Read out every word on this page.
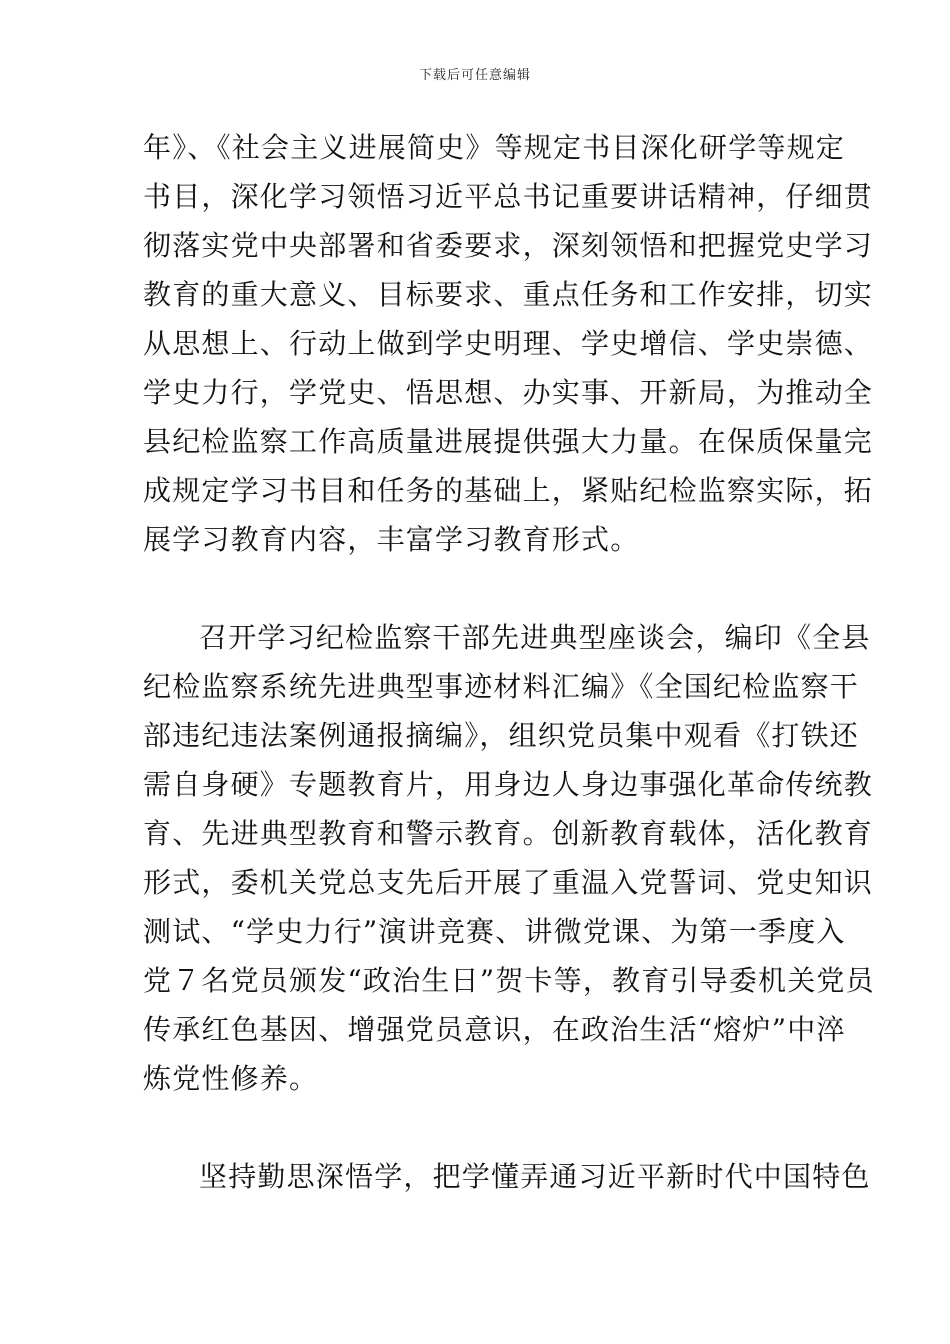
下载后可任意编辑
年》、《社会主义进展简史》等规定书目深化研学等规定
书目，深化学习领悟习近平总书记重要讲话精神，仔细贯
彻落实党中央部署和省委要求，深刻领悟和把握党史学习
教育的重大意义、目标要求、重点任务和工作安排，切实
从思想上、行动上做到学史明理、学史增信、学史崇德、
学史力行，学党史、悟思想、办实事、开新局，为推动全
县纪检监察工作高质量进展提供强大力量。在保质保量完
成规定学习书目和任务的基础上，紧贴纪检监察实际，拓
展学习教育内容，丰富学习教育形式。
召开学习纪检监察干部先进典型座谈会，编印《全县
纪检监察系统先进典型事迹材料汇编》《全国纪检监察干
部违纪违法案例通报摘编》，组织党员集中观看《打铁还
需自身硬》专题教育片，用身边人身边事强化革命传统教
育、先进典型教育和警示教育。创新教育载体，活化教育
形式，委机关党总支先后开展了重温入党誓词、党史知识
测试、“学史力行”演讲竞赛、讲微党课、为第一季度入
党７名党员颁发“政治生日”贺卡等，教育引导委机关党员
传承红色基因、增强党员意识，在政治生活“熔炉”中淬
炼党性修养。
坚持勤思深悟学，把学懂弄通习近平新时代中国特色
